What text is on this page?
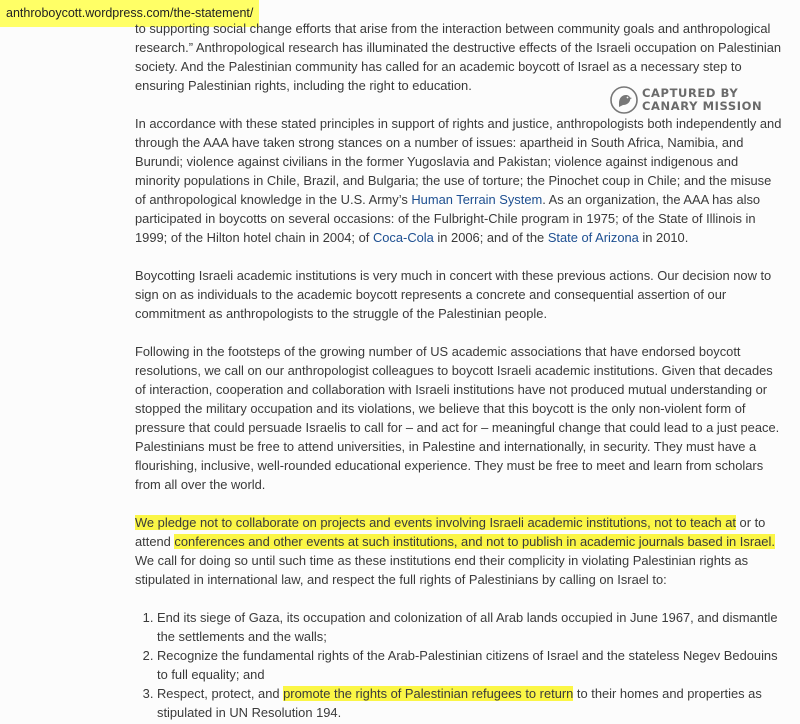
anthroboycott.wordpress.com/the-statement/

to supporting social change efforts that arise from the interaction between community goals and anthropological research.” Anthropological research has illuminated the destructive effects of the Israeli occupation on Palestinian society. And the Palestinian community has called for an academic boycott of Israel as a necessary step to ensuring Palestinian rights, including the right to education.

In accordance with these stated principles in support of rights and justice, anthropologists both independently and through the AAA have taken strong stances on a number of issues: apartheid in South Africa, Namibia, and Burundi; violence against civilians in the former Yugoslavia and Pakistan; violence against indigenous and minority populations in Chile, Brazil, and Bulgaria; the use of torture; the Pinochet coup in Chile; and the misuse of anthropological knowledge in the U.S. Army’s Human Terrain System. As an organization, the AAA has also participated in boycotts on several occasions: of the Fulbright-Chile program in 1975; of the State of Illinois in 1999; of the Hilton hotel chain in 2004; of Coca-Cola in 2006; and of the State of Arizona in 2010.

Boycotting Israeli academic institutions is very much in concert with these previous actions. Our decision now to sign on as individuals to the academic boycott represents a concrete and consequential assertion of our commitment as anthropologists to the struggle of the Palestinian people.

Following in the footsteps of the growing number of US academic associations that have endorsed boycott resolutions, we call on our anthropologist colleagues to boycott Israeli academic institutions. Given that decades of interaction, cooperation and collaboration with Israeli institutions have not produced mutual understanding or stopped the military occupation and its violations, we believe that this boycott is the only non-violent form of pressure that could persuade Israelis to call for – and act for – meaningful change that could lead to a just peace. Palestinians must be free to attend universities, in Palestine and internationally, in security. They must have a flourishing, inclusive, well-rounded educational experience. They must be free to meet and learn from scholars from all over the world.

We pledge not to collaborate on projects and events involving Israeli academic institutions, not to teach at or to attend conferences and other events at such institutions, and not to publish in academic journals based in Israel. We call for doing so until such time as these institutions end their complicity in violating Palestinian rights as stipulated in international law, and respect the full rights of Palestinians by calling on Israel to:

1. End its siege of Gaza, its occupation and colonization of all Arab lands occupied in June 1967, and dismantle the settlements and the walls;
2. Recognize the fundamental rights of the Arab-Palestinian citizens of Israel and the stateless Negev Bedouins to full equality; and
3. Respect, protect, and promote the rights of Palestinian refugees to return to their homes and properties as stipulated in UN Resolution 194.
CAPTURED BY
CANARY MISSION
